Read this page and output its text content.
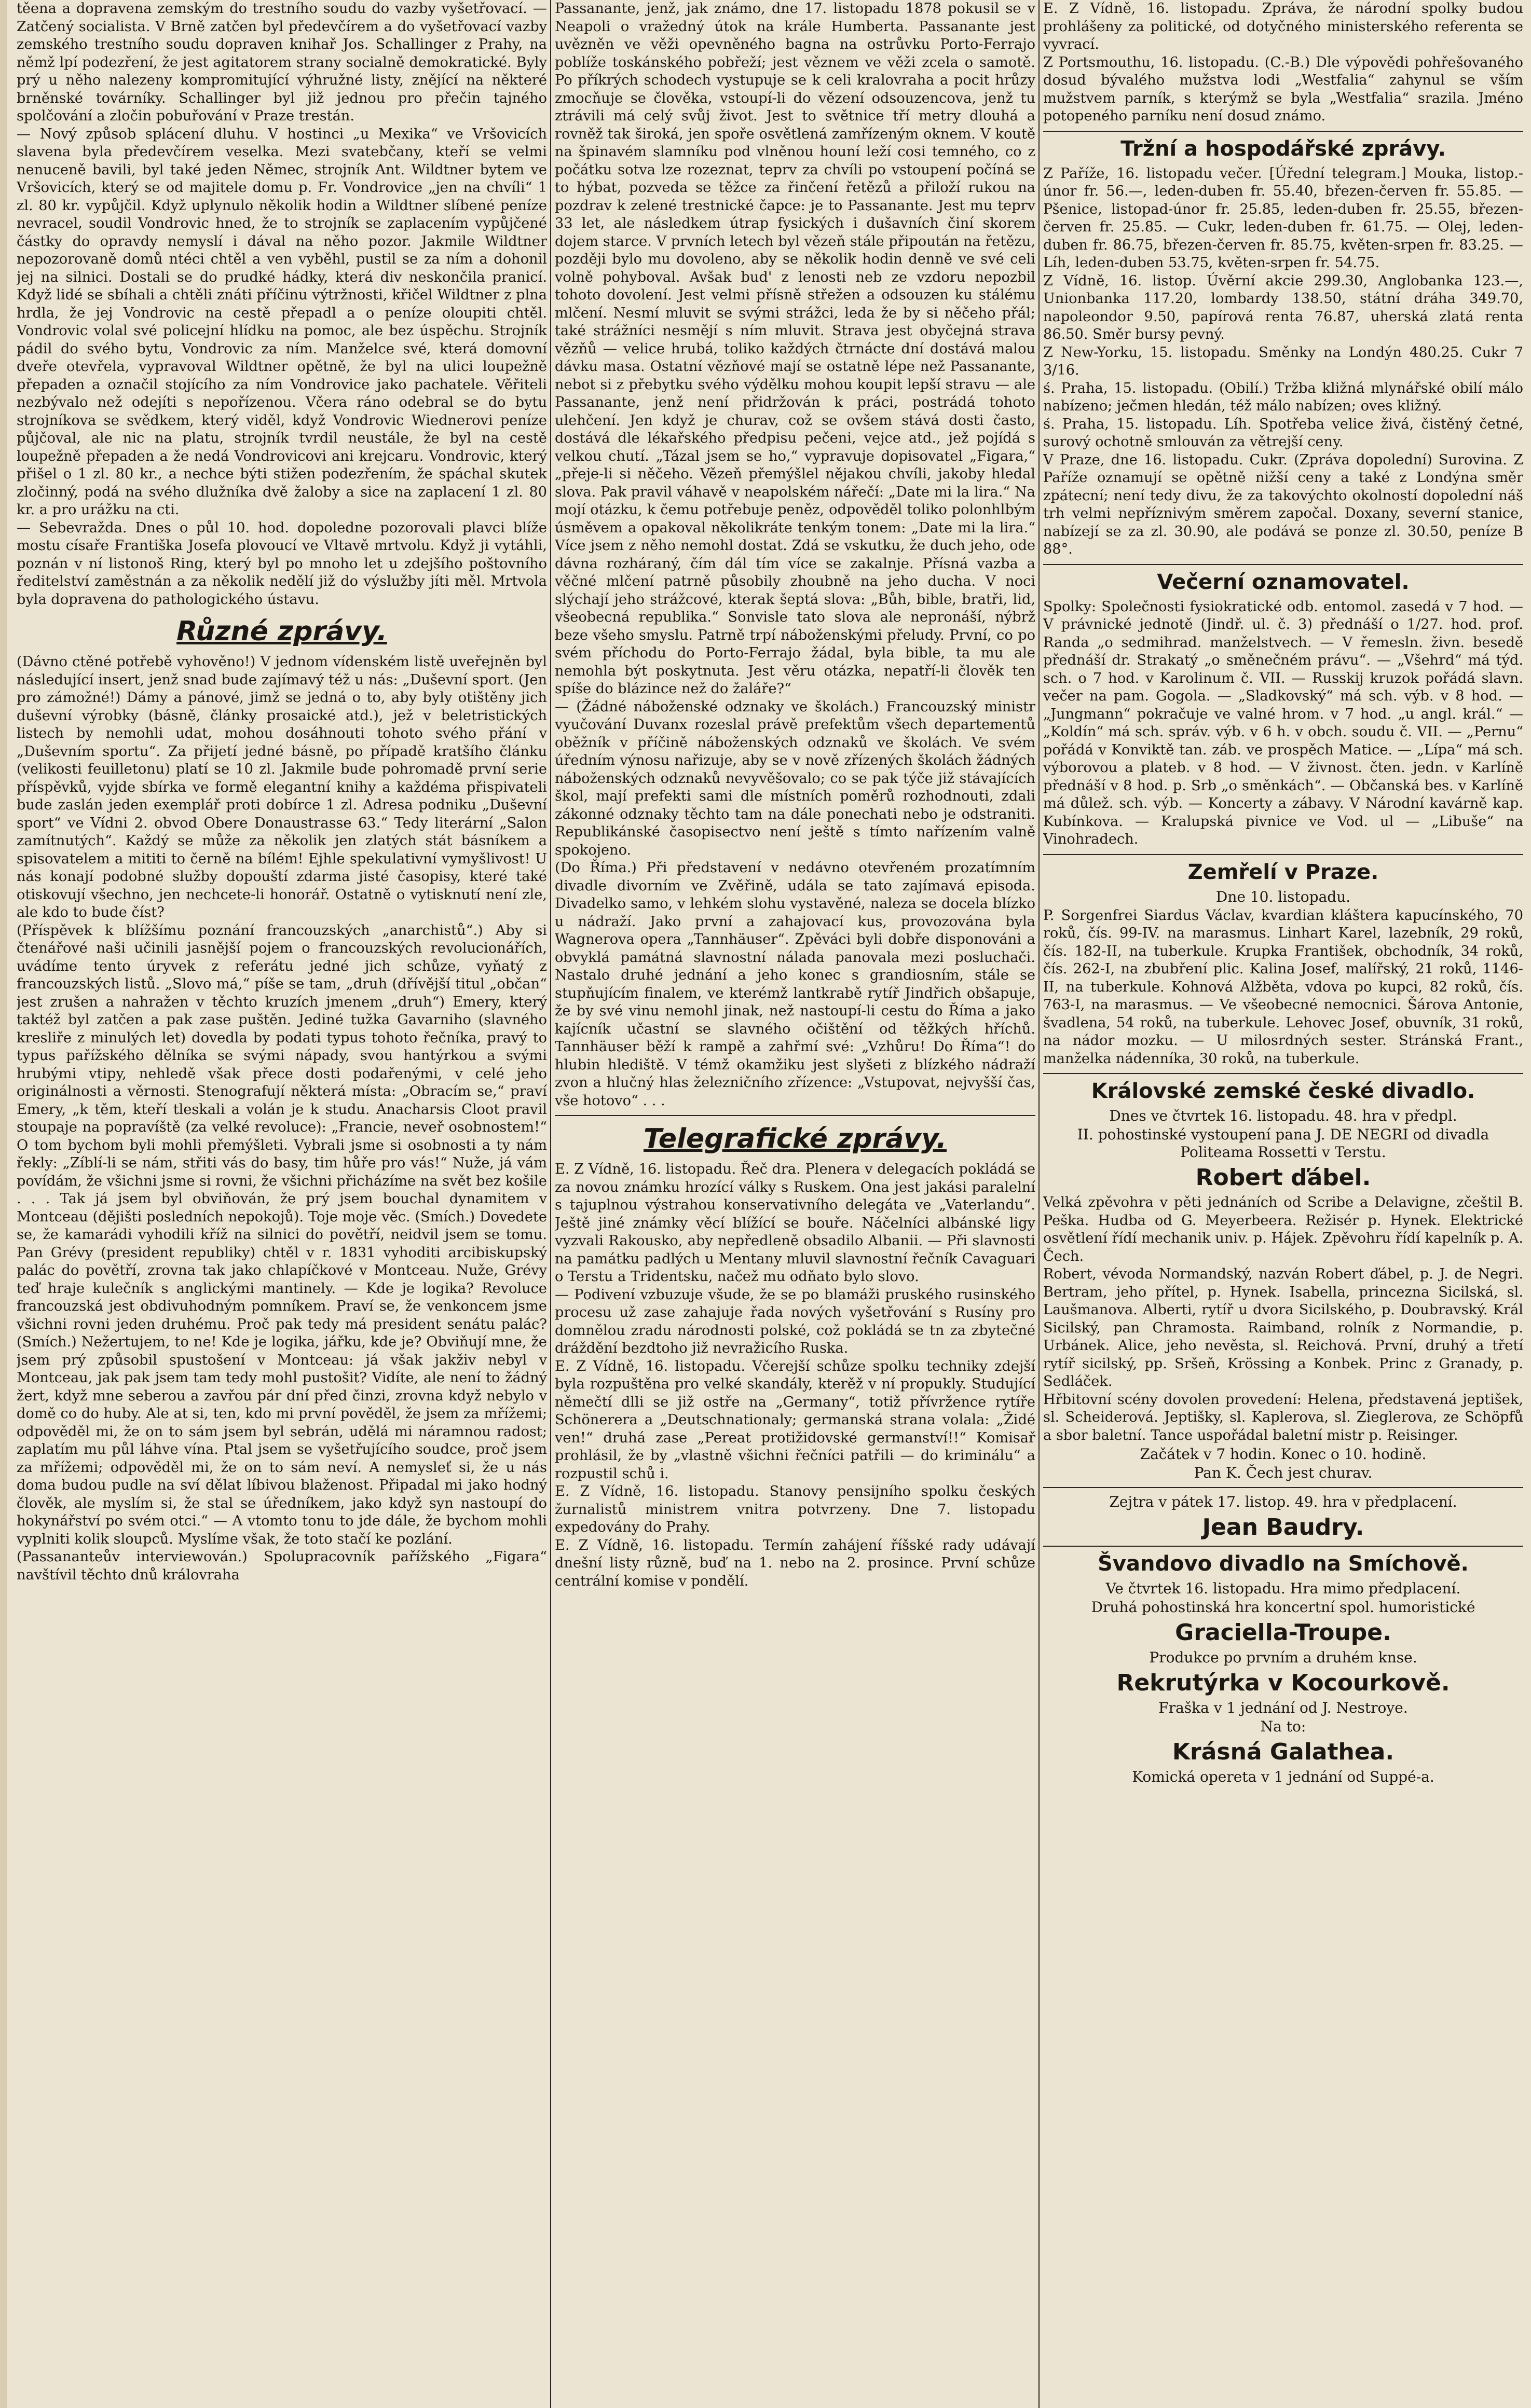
těena a dopravena zemským do trestního soudu do vazby vyšetřovací. — Zatčený socialista. V Brně zatčen byl předevčírem a do vyšetřovací vazby zemského trestního soudu dopraven knihař Jos. Schallinger z Prahy, na němž lpí podezření, že jest agitatorem strany socialně demokratické. Byly prý u něho nalezeny kompromitující výhružné listy, znějící na některé brněnské továrníky. Schallinger byl již jednou pro přečin tajného spolčování a zločin pobuřování v Praze trestán.

— Nový způsob splácení dluhu. V hostinci „u Mexika“ ve Vršovicích slavena byla předevčírem veselka. Mezi svatebčany, kteří se velmi nenuceně bavili, byl také jeden Němec, strojník Ant. Wildtner bytem ve Vršovicích, který se od majitele domu p. Fr. Vondrovice „jen na chvíli“ 1 zl. 80 kr. vypůjčil. Když uplynulo několik hodin a Wildtner slíbené peníze nevracel, soudil Vondrovic hned, že to strojník se zaplacením vypůjčené částky do opravdy nemyslí i dával na něho pozor. Jakmile Wildtner nepozorovaně domů ntéci chtěl a ven vyběhl, pustil se za ním a dohonil jej na silnici. Dostali se do prudké hádky, která div neskončila pranicí. Když lidé se sbíhali a chtěli znáti příčinu výtržnosti, křičel Wildtner z plna hrdla, že jej Vondrovic na cestě přepadl a o peníze oloupiti chtěl. Vondrovic volal své policejní hlídku na pomoc, ale bez úspěchu. Strojník pádil do svého bytu, Vondrovic za ním. Manželce své, která domovní dveře otevřela, vypravoval Wildtner opětně, že byl na ulici loupežně přepaden a označil stojícího za ním Vondrovice jako pachatele. Věřiteli nezbývalo než odejíti s nepořízenou. Včera ráno odebral se do bytu strojníkova se svědkem, který viděl, když Vondrovic Wiednerovi peníze půjčoval, ale nic na platu, strojník tvrdil neustále, že byl na cestě loupežně přepaden a že nedá Vondrovicovi ani krejcaru. Vondrovic, který přišel o 1 zl. 80 kr., a nechce býti stižen podezřením, že spáchal skutek zločinný, podá na svého dlužníka dvě žaloby a sice na zaplacení 1 zl. 80 kr. a pro urážku na cti.

— Sebevražda. Dnes o půl 10. hod. dopoledne pozorovali plavci blíže mostu císaře Františka Josefa plovoucí ve Vltavě mrtvolu. Když ji vytáhli, poznán v ní listonoš Ring, který byl po mnoho let u zdejšího poštovního ředitelství zaměstnán a za několik nedělí již do výslužby jíti měl. Mrtvola byla dopravena do pathologického ústavu.

Různé zprávy.

(Dávno ctěné potřebě vyhověno!) V jednom vídenském listě uveřejněn byl následující insert, jenž snad bude zajímavý též u nás: „Duševní sport. (Jen pro zámožné!) Dámy a pánové, jimž se jedná o to, aby byly otištěny jich duševní výrobky (básně, články prosaické atd.), jež v beletristických listech by nemohli udat, mohou dosáhnouti tohoto svého přání v „Duševním sportu“. Za přijetí jedné básně, po případě kratšího článku (velikosti feuilletonu) platí se 10 zl. Jakmile bude pohromadě první serie příspěvků, vyjde sbírka ve formě elegantní knihy a každéma přispivateli bude zaslán jeden exemplář proti dobírce 1 zl. Adresa podniku „Duševní sport“ ve Vídni 2. obvod Obere Donaustrasse 63.“ Tedy literární „Salon zamítnutých“. Každý se může za několik jen zlatých stát básníkem a spisovatelem a mititi to černě na bílém! Ejhle spekulativní vymyšlivost! U nás konají podobné služby dopouští zdarma jisté časopisy, které také otiskovují všechno, jen nechcete-li honorář. Ostatně o vytisknutí není zle, ale kdo to bude číst?

(Příspěvek k blížšímu poznání francouzských „anarchistů“.) Aby si čtenářové naši učinili jasnější pojem o francouzských revolucionářích, uvádíme tento úryvek z referátu jedné jich schůze, vyňatý z francouzských listů. „Slovo má,“ píše se tam, „druh (dřívější titul „občan“ jest zrušen a nahražen v těchto kruzích jmenem „druh“) Emery, který taktéž byl zatčen a pak zase puštěn. Jediné tužka Gavarniho (slavného kresliře z minulých let) dovedla by podati typus tohoto řečníka, pravý to typus pařížského dělníka se svými nápady, svou hantýrkou a svými hrubými vtipy, nehledě však přece dosti podařenými, v celé jeho originálnosti a věrnosti. Stenografují některá místa: „Obracím se,“ praví Emery, „k těm, kteří tleskali a volán je k studu. Anacharsis Cloot pravil stoupaje na popravíště (za velké revoluce): „Francie, neveř osobnostem!“ O tom bychom byli mohli přemýšleti. Vybrali jsme si osobnosti a ty nám řekly: „Zíblí-li se nám, střiti vás do basy, tim hůře pro vás!“ Nuže, já vám povídám, že všichni jsme si rovni, že všichni přicházíme na svět bez košile . . . Tak já jsem byl obviňován, že prý jsem bouchal dynamitem v Montceau (dějišti posledních nepokojů). Toje moje věc. (Smích.) Dovedete se, že kamarádi vyhodili kříž na silnici do povětří, neidvil jsem se tomu. Pan Grévy (president republiky) chtěl v r. 1831 vyhoditi arcibiskupský palác do povětří, zrovna tak jako chlapíčkové v Montceau. Nuže, Grévy teď hraje kulečník s anglickými mantinely. — Kde je logika? Revoluce francouzská jest obdivuhodným pomníkem. Praví se, že venkoncem jsme všichni rovni jeden druhému. Proč pak tedy má president senátu palác? (Smích.) Nežertujem, to ne! Kde je logika, jářku, kde je? Obviňují mne, že jsem prý způsobil spustošení v Montceau: já však jakživ nebyl v Montceau, jak pak jsem tam tedy mohl pustošit? Vidíte, ale není to žádný žert, když mne seberou a zavřou pár dní před činzi, zrovna když nebylo v domě co do huby. Ale at si, ten, kdo mi první pověděl, že jsem za mřížemi; odpověděl mi, že on to sám jsem byl sebrán, udělá mi náramnou radost; zaplatím mu půl láhve vína. Ptal jsem se vyšetřujícího soudce, proč jsem za mřížemi; odpověděl mi, že on to sám neví. A nemysleť si, že u nás doma budou pudle na sví dělat líbivou blaženost. Připadal mi jako hodný člověk, ale myslím si, že stal se úředníkem, jako když syn nastoupí do hokynářství po svém otci.“ — A vtomto tonu to jde dále, že bychom mohli vyplniti kolik sloupců. Myslíme však, že toto stačí ke pozlání.

(Passananteův interviewován.) Spolupracovník pařížského „Figara“ navštívil těchto dnů královraha

Passanante, jenž, jak známo, dne 17. listopadu 1878 pokusil se v Neapoli o vražedný útok na krále Humberta. Passanante jest uvězněn ve věži opevněného bagna na ostrůvku Porto-Ferrajo poblíže toskánského pobřeží; jest věznem ve věži zcela o samotě. Po příkrých schodech vystupuje se k celi kralovraha a pocit hrůzy zmocňuje se člověka, vstoupí-li do vězení odsouzencova, jenž tu ztrávili má celý svůj život. Jest to světnice tří metry dlouhá a rovněž tak široká, jen spoře osvětlená zamřízeným oknem. V koutě na špinavém slamníku pod vlněnou houní leží cosi temného, co z počátku sotva lze rozeznat, teprv za chvíli po vstoupení počíná se to hýbat, pozveda se těžce za řinčení řetězů a přiloží rukou na pozdrav k zelené trestnické čapce: je to Passanante. Jest mu teprv 33 let, ale následkem útrap fysických i dušavních činí skorem dojem starce. V prvních letech byl vězeň stále připoután na řetězu, později bylo mu dovoleno, aby se několik hodin denně ve své celi volně pohyboval. Avšak bud' z lenosti neb ze vzdoru nepozbil tohoto dovolení. Jest velmi přísně střežen a odsouzen ku stálému mlčení. Nesmí mluvit se svými strážci, leda že by si něčeho přál; také strážníci nesmějí s ním mluvit. Strava jest obyčejná strava vězňů — velice hrubá, toliko každých čtrnácte dní dostává malou dávku masa. Ostatní vězňové mají se ostatně lépe než Passanante, nebot si z přebytku svého výdělku mohou koupit lepší stravu — ale Passanante, jenž není přidržován k práci, postrádá tohoto ulehčení. Jen když je churav, což se ovšem stává dosti často, dostává dle lékařského předpisu pečeni, vejce atd., jež pojídá s velkou chutí. „Tázal jsem se ho,“ vypravuje dopisovatel „Figara,“ „přeje-li si něčeho. Vězeň přemýšlel nějakou chvíli, jakoby hledal slova. Pak pravil váhavě v neapolském nářečí: „Date mi la lira.“ Na mojí otázku, k čemu potřebuje peněz, odpověděl toliko polonhlbým úsměvem a opakoval několikráte tenkým tonem: „Date mi la lira.“ Více jsem z něho nemohl dostat. Zdá se vskutku, že duch jeho, ode dávna rozháraný, čím dál tím více se zakalnje. Přísná vazba a věčné mlčení patrně působily zhoubně na jeho ducha. V noci slýchají jeho strážcové, kterak šeptá slova: „Bůh, bible, bratři, lid, všeobecná republika.“ Sonvisle tato slova ale nepronáší, nýbrž beze všeho smyslu. Patrně trpí náboženskými přeludy. První, co po svém příchodu do Porto-Ferrajo žádal, byla bible, ta mu ale nemohla být poskytnuta. Jest věru otázka, nepatří-li člověk ten spíše do blázince než do žaláře?“

— (Žádné náboženské odznaky ve školách.) Francouzský ministr vyučování Duvanx rozeslal právě prefektům všech departementů oběžník v příčině náboženských odznaků ve školách. Ve svém úředním výnosu nařizuje, aby se v nově zřízených školách žádných náboženských odznaků nevyvěšovalo; co se pak týče již stávajících škol, mají prefekti sami dle místních poměrů rozhodnouti, zdali zákonné odznaky těchto tam na dále ponechati nebo je odstraniti. Republikánské časopisectvo není ještě s tímto nařízením valně spokojeno.

(Do Říma.) Při představení v nedávno otevřeném prozatímním divadle divorním ve Zvěřině, udála se tato zajímavá episoda. Divadelko samo, v lehkém slohu vystavěné, naleza se docela blízko u nádraží. Jako první a zahajovací kus, provozována byla Wagnerova opera „Tannhäuser“. Zpěváci byli dobře disponováni a obvyklá památná slavnostní nálada panovala mezi posluchači. Nastalo druhé jednání a jeho konec s grandiosním, stále se stupňujícím finalem, ve kterémž lantkrabě rytíř Jindřich obšapuje, že by své vinu nemohl jinak, než nastoupí-li cestu do Říma a jako kajícník učastní se slavného očištění od těžkých hříchů. Tannhäuser běží k rampě a zahřmí své: „Vzhůru! Do Říma“! do hlubin hlediště. V témž okamžiku jest slyšeti z blízkého nádraží zvon a hlučný hlas železničního zřízence: „Vstupovat, nejvyšší čas, vše hotovo“ . . .

Telegrafické zprávy.

E. Z Vídně, 16. listopadu. Řeč dra. Plenera v delegacích pokládá se za novou známku hrozící války s Ruskem. Ona jest jakási paralelní s tajuplnou výstrahou konservativního delegáta ve „Vaterlandu“. Ještě jiné známky věcí blížící se bouře. Náčelníci albánské ligy vyzvali Rakousko, aby nepředleně obsadilo Albanii. — Při slavnosti na památku padlých u Mentany mluvil slavnostní řečník Cavaguari o Terstu a Tridentsku, načež mu odňato bylo slovo.

— Podivení vzbuzuje všude, že se po blamáži pruského rusinského procesu už zase zahajuje řada nových vyšetřování s Rusíny pro domnělou zradu národnosti polské, což pokládá se tn za zbytečné dráždění bezdtoho již nevražicího Ruska.

E. Z Vídně, 16. listopadu. Včerejší schůze spolku techniky zdejší byla rozpuštěna pro velké skandály, kterěž v ní propukly. Studující němečtí dlli se již ostře na „Germany“, totiž přívržence rytíře Schönerera a „Deutschnationaly; germanská strana volala: „Židé ven!“ druhá zase „Pereat protižidovské germanství!!“ Komisař prohlásil, že by „vlastně všichni řečníci patřili — do kriminálu“ a rozpustil schů i.

E. Z Vídně, 16. listopadu. Stanovy pensijního spolku českých žurnalistů ministrem vnitra potvrzeny. Dne 7. listopadu expedovány do Prahy.

E. Z Vídně, 16. listopadu. Termín zahájení říšské rady udávají dnešní listy různě, buď na 1. nebo na 2. prosince. První schůze centrální komise v pondělí.

E. Z Vídně, 16. listopadu. Zpráva, že národní spolky budou prohlášeny za politické, od dotyčného ministerského referenta se vyvrací.

Z Portsmouthu, 16. listopadu. (C.-B.) Dle výpovědi pohřešovaného dosud bývalého mužstva lodi „Westfalia“ zahynul se vším mužstvem parník, s kterýmž se byla „Westfalia“ srazila. Jméno potopeného parníku není dosud známo.

Tržní a hospodářské zprávy.

Z Paříže, 16. listopadu večer. [Úřední telegram.] Mouka, listop.-únor fr. 56.—, leden-duben fr. 55.40, březen-červen fr. 55.85. — Pšenice, listopad-únor fr. 25.85, leden-duben fr. 25.55, březen-červen fr. 25.85. — Cukr, leden-duben fr. 61.75. — Olej, leden-duben fr. 86.75, březen-červen fr. 85.75, květen-srpen fr. 83.25. — Líh, leden-duben 53.75, květen-srpen fr. 54.75.

Z Vídně, 16. listop. Úvěrní akcie 299.30, Anglobanka 123.—, Unionbanka 117.20, lombardy 138.50, státní dráha 349.70, napoleondor 9.50, papírová renta 76.87, uherská zlatá renta 86.50. Směr bursy pevný.

Z New-Yorku, 15. listopadu. Směnky na Londýn 480.25. Cukr 7 3/16.

ś. Praha, 15. listopadu. (Obilí.) Tržba kližná mlynářské obilí málo nabízeno; ječmen hledán, též málo nabízen; oves kližný.

ś. Praha, 15. listopadu. Líh. Spotřeba velice živá, čistěný četné, surový ochotně smlouván za větrejší ceny.

V Praze, dne 16. listopadu. Cukr. (Zpráva dopolední) Surovina. Z Paříže oznamují se opětně nižší ceny a také z Londýna směr zpátecní; není tedy divu, že za takovýchto okolností dopolední náš trh velmi nepříznivým směrem započal. Doxany, severní stanice, nabízejí se za zl. 30.90, ale podává se ponze zl. 30.50, peníze B 88°.

Večerní oznamovatel.

Spolky: Společnosti fysiokratické odb. entomol. zasedá v 7 hod. — V právnické jednotě (Jindř. ul. č. 3) přednáší o 1/27. hod. prof. Randa „o sedmihrad. manželstvech. — V řemesln. živn. besedě přednáší dr. Strakatý „o směnečném právu“. — „Všehrd“ má týd. sch. o 7 hod. v Karolinum č. VII. — Russkij kruzok pořádá slavn. večer na pam. Gogola. — „Sladkovský“ má sch. výb. v 8 hod. — „Jungmann“ pokračuje ve valné hrom. v 7 hod. „u angl. král.“ — „Koldín“ má sch. správ. výb. v 6 h. v obch. soudu č. VII. — „Pernu“ pořádá v Konviktě tan. záb. ve prospěch Matice. — „Lípa“ má sch. výborovou a plateb. v 8 hod. — V živnost. čten. jedn. v Karlíně přednáší v 8 hod. p. Srb „o směnkách“. — Občanská bes. v Karlíně má důlež. sch. výb. — Koncerty a zábavy. V Národní kavárně kap. Kubínkova. — Kralupská pivnice ve Vod. ul — „Libuše“ na Vinohradech.

Zemřelí v Praze.
Dne 10. listopadu.

P. Sorgenfrei Siardus Václav, kvardian kláštera kapucínského, 70 roků, čís. 99-IV. na marasmus. Linhart Karel, lazebník, 29 roků, čís. 182-II, na tuberkule. Krupka František, obchodník, 34 roků, čís. 262-I, na zbubření plic. Kalina Josef, malířský, 21 roků, 1146-II, na tuberkule. Kohnová Alžběta, vdova po kupci, 82 roků, čís. 763-I, na marasmus. — Ve všeobecné nemocnici. Šárova Antonie, švadlena, 54 roků, na tuberkule. Lehovec Josef, obuvník, 31 roků, na nádor mozku. — U milosrdných sester. Stránská Frant., manželka nádenníka, 30 roků, na tuberkule.

Královské zemské české divadlo.
Dnes ve čtvrtek 16. listopadu. 48. hra v předpl.
II. pohostinské vystoupení pana J. DE NEGRI od divadla Politeama Rossetti v Terstu.
Robert ďábel.

Velká zpěvohra v pěti jednáních od Scribe a Delavigne, zčeštil B. Peška. Hudba od G. Meyerbeera. Režisér p. Hynek. Elektrické osvětlení řídí mechanik univ. p. Hájek. Zpěvohru řídí kapelník p. A. Čech.

Robert, vévoda Normandský, nazván Robert ďábel, p. J. de Negri. Bertram, jeho přítel, p. Hynek. Isabella, princezna Sicilská, sl. Laušmanova. Alberti, rytíř u dvora Sicilského, p. Doubravský. Král Sicilský, pan Chramosta. Raimband, rolník z Normandie, p. Urbánek. Alice, jeho nevěsta, sl. Reichová. První, druhý a třetí rytíř sicilský, pp. Sršeň, Krössing a Konbek. Princ z Granady, p. Sedláček.

Hřbitovní scény dovolen provedení: Helena, představená jeptišek, sl. Scheiderová. Jeptišky, sl. Kaplerova, sl. Zieglerova, ze Schöpfů a sbor baletní. Tance uspořádal baletní mistr p. Reisinger.

Začátek v 7 hodin. Konec o 10. hodině.
Pan K. Čech jest churav.
Zejtra v pátek 17. listop. 49. hra v předplacení.
Jean Baudry.
Švandovo divadlo na Smíchově.
Ve čtvrtek 16. listopadu. Hra mimo předplacení.
Druhá pohostinská hra koncertní spol. humoristické
Graciella-Troupe.
Produkce po prvním a druhém knse.
Rekrutýrka v Kocourkově.
Fraška v 1 jednání od J. Nestroye.
Na to:
Krásná Galathea.
Komická opereta v 1 jednání od Suppé-a.
